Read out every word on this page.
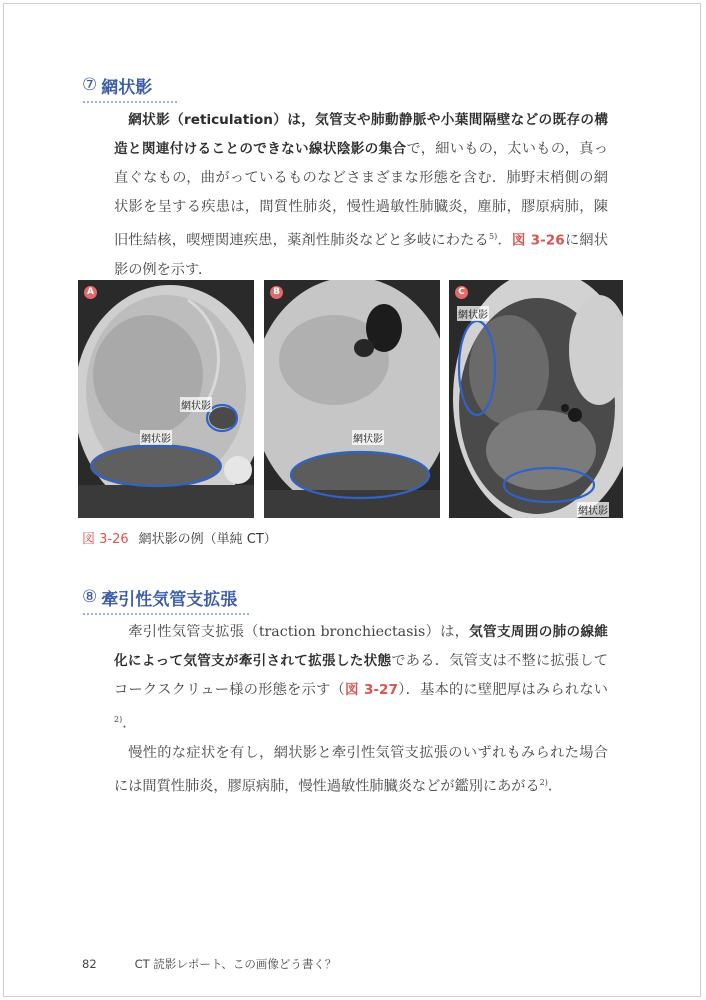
⑦ 網状影

網状影（reticulation）は，気管支や肺動静脈や小葉間隔壁などの既存の構造と関連付けることのできない線状陰影の集合で，細いもの，太いもの，真っ直ぐなもの，曲がっているものなどさまざまな形態を含む．肺野末梢側の網状影を呈する疾患は，間質性肺炎，慢性過敏性肺臓炎，塵肺，膠原病肺，陳旧性結核，喫煙関連疾患，薬剤性肺炎などと多岐にわたる$^{5)}$．図 3-26に網状影の例を示す．

A
網状影
網状影
B
網状影
C
網状影
網状影
図 3-26 網状影の例（単純 CT）
⑧ 牽引性気管支拡張

牽引性気管支拡張（traction bronchiectasis）は，気管支周囲の肺の線維化によって気管支が牽引されて拡張した状態である．気管支は不整に拡張してコークスクリュー様の形態を示す（図 3-27）．基本的に壁肥厚はみられない$^{2)}$．

慢性的な症状を有し，網状影と牽引性気管支拡張のいずれもみられた場合には間質性肺炎，膠原病肺，慢性過敏性肺臓炎などが鑑別にあがる$^{2)}$．

82	CT 読影レポート、この画像どう書く？
